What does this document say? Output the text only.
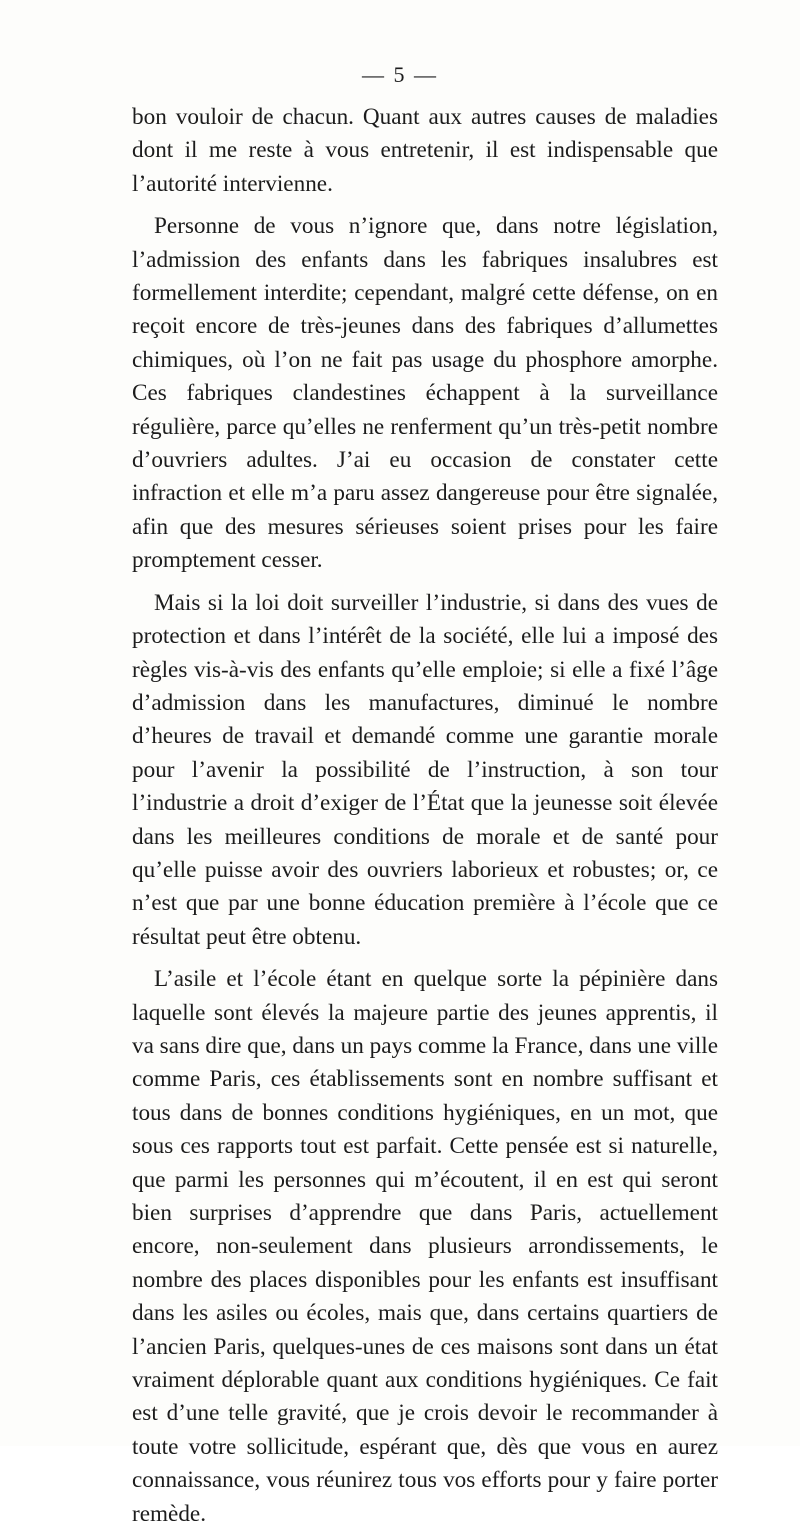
— 5 —

bon vouloir de chacun. Quant aux autres causes de maladies dont il me reste à vous entretenir, il est indispensable que l’autorité intervienne.

Personne de vous n’ignore que, dans notre législation, l’admission des enfants dans les fabriques insalubres est formellement interdite; cependant, malgré cette défense, on en reçoit encore de très-jeunes dans des fabriques d’allumettes chimiques, où l’on ne fait pas usage du phosphore amorphe. Ces fabriques clandestines échappent à la surveillance régulière, parce qu’elles ne renferment qu’un très-petit nombre d’ouvriers adultes. J’ai eu occasion de constater cette infraction et elle m’a paru assez dangereuse pour être signalée, afin que des mesures sérieuses soient prises pour les faire promptement cesser.

Mais si la loi doit surveiller l’industrie, si dans des vues de protection et dans l’intérêt de la société, elle lui a imposé des règles vis-à-vis des enfants qu’elle emploie; si elle a fixé l’âge d’admission dans les manufactures, diminué le nombre d’heures de travail et demandé comme une garantie morale pour l’avenir la possibilité de l’instruction, à son tour l’industrie a droit d’exiger de l’État que la jeunesse soit élevée dans les meilleures conditions de morale et de santé pour qu’elle puisse avoir des ouvriers laborieux et robustes; or, ce n’est que par une bonne éducation première à l’école que ce résultat peut être obtenu.

L’asile et l’école étant en quelque sorte la pépinière dans laquelle sont élevés la majeure partie des jeunes apprentis, il va sans dire que, dans un pays comme la France, dans une ville comme Paris, ces établissements sont en nombre suffisant et tous dans de bonnes conditions hygiéniques, en un mot, que sous ces rapports tout est parfait. Cette pensée est si naturelle, que parmi les personnes qui m’écoutent, il en est qui seront bien surprises d’apprendre que dans Paris, actuellement encore, non-seulement dans plusieurs arrondissements, le nombre des places disponibles pour les enfants est insuffisant dans les asiles ou écoles, mais que, dans certains quartiers de l’ancien Paris, quelques-unes de ces maisons sont dans un état vraiment déplorable quant aux conditions hygiéniques. Ce fait est d’une telle gravité, que je crois devoir le recommander à toute votre sollicitude, espérant que, dès que vous en aurez connaissance, vous réunirez tous vos efforts pour y faire porter remède.
